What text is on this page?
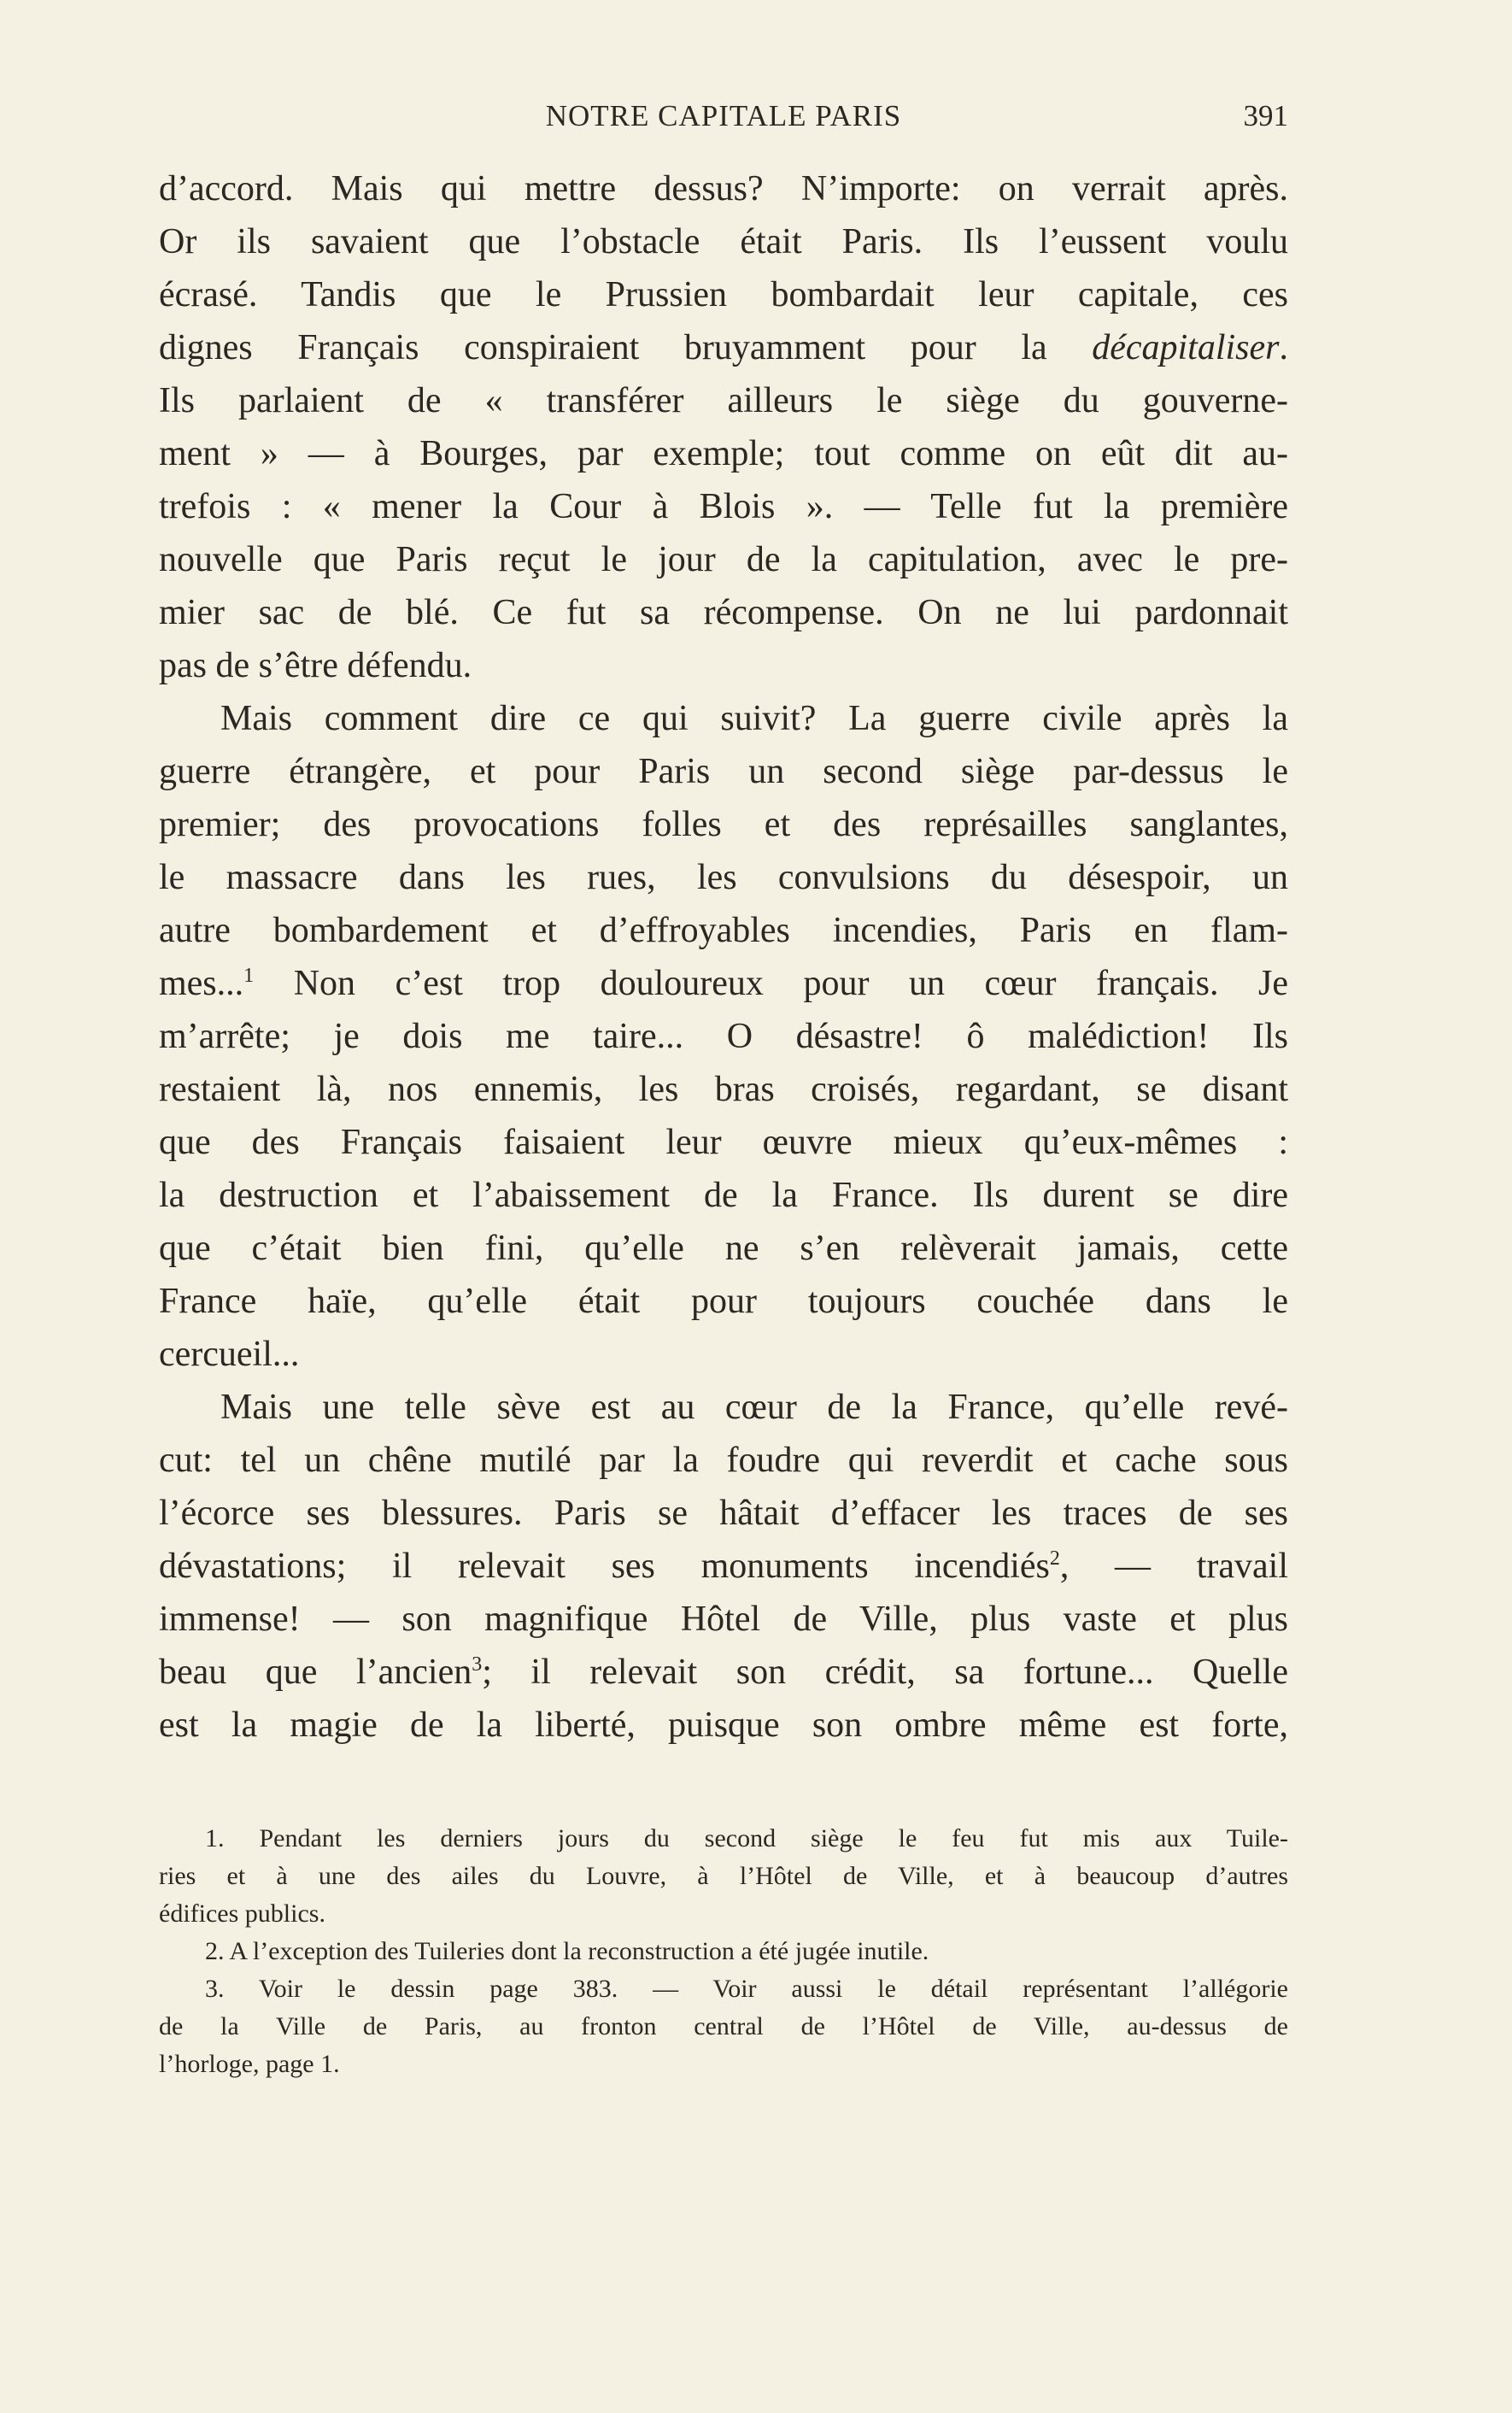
NOTRE CAPITALE PARIS	391
d’accord. Mais qui mettre dessus? N’importe: on verrait après.
Or ils savaient que l’obstacle était Paris. Ils l’eussent voulu
écrasé. Tandis que le Prussien bombardait leur capitale, ces
dignes Français conspiraient bruyamment pour la décapitaliser.
Ils parlaient de « transférer ailleurs le siège du gouverne-
ment » — à Bourges, par exemple; tout comme on eût dit au-
trefois : « mener la Cour à Blois ». — Telle fut la première
nouvelle que Paris reçut le jour de la capitulation, avec le pre-
mier sac de blé. Ce fut sa récompense. On ne lui pardonnait
pas de s’être défendu.
Mais comment dire ce qui suivit? La guerre civile après la
guerre étrangère, et pour Paris un second siège par-dessus le
premier; des provocations folles et des représailles sanglantes,
le massacre dans les rues, les convulsions du désespoir, un
autre bombardement et d’effroyables incendies, Paris en flam-
mes...$^1$ Non c’est trop douloureux pour un cœur français. Je
m’arrête; je dois me taire... O désastre! ô malédiction! Ils
restaient là, nos ennemis, les bras croisés, regardant, se disant
que des Français faisaient leur œuvre mieux qu’eux-mêmes :
la destruction et l’abaissement de la France. Ils durent se dire
que c’était bien fini, qu’elle ne s’en relèverait jamais, cette
France haïe, qu’elle était pour toujours couchée dans le
cercueil...
Mais une telle sève est au cœur de la France, qu’elle revé-
cut: tel un chêne mutilé par la foudre qui reverdit et cache sous
l’écorce ses blessures. Paris se hâtait d’effacer les traces de ses
dévastations; il relevait ses monuments incendiés$^2$, — travail
immense! — son magnifique Hôtel de Ville, plus vaste et plus
beau que l’ancien$^3$; il relevait son crédit, sa fortune... Quelle
est la magie de la liberté, puisque son ombre même est forte,
1. Pendant les derniers jours du second siège le feu fut mis aux Tuile-
ries et à une des ailes du Louvre, à l’Hôtel de Ville, et à beaucoup d’autres
édifices publics.
2. A l’exception des Tuileries dont la reconstruction a été jugée inutile.
3. Voir le dessin page 383. — Voir aussi le détail représentant l’allégorie
de la Ville de Paris, au fronton central de l’Hôtel de Ville, au-dessus de
l’horloge, page 1.
